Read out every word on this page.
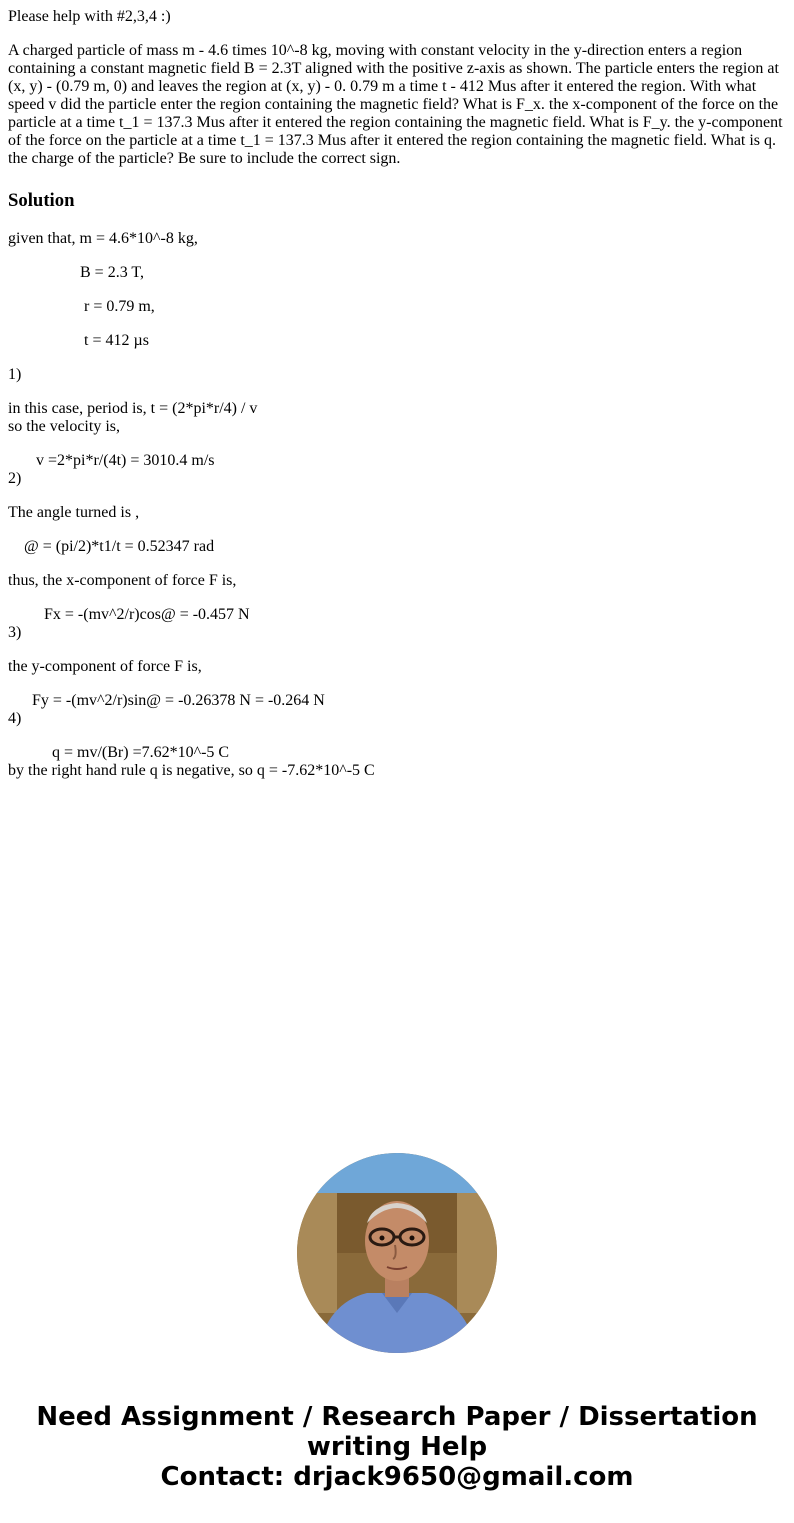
Please help with #2,3,4 :)

A charged particle of mass m - 4.6 times 10^-8 kg, moving with constant velocity in the y-direction enters a region containing a constant magnetic field B = 2.3T aligned with the positive z-axis as shown. The particle enters the region at (x, y) - (0.79 m, 0) and leaves the region at (x, y) - 0. 0.79 m a time t - 412 Mus after it entered the region. With what speed v did the particle enter the region containing the magnetic field? What is F_x. the x-component of the force on the particle at a time t_1 = 137.3 Mus after it entered the region containing the magnetic field. What is F_y. the y-component of the force on the particle at a time t_1 = 137.3 Mus after it entered the region containing the magnetic field. What is q. the charge of the particle? Be sure to include the correct sign.

Solution

given that, m = 4.6*10^-8 kg,

B = 2.3 T,

r = 0.79 m,

t = 412 µs

1)

in this case, period is, t = (2*pi*r/4) / v
so the velocity is,
v =2*pi*r/(4t) = 3010.4 m/s
2)

The angle turned is ,

@ = (pi/2)*t1/t = 0.52347 rad

thus, the x-component of force F is,

Fx = -(mv^2/r)cos@ = -0.457 N
3)

the y-component of force F is,

Fy = -(mv^2/r)sin@ = -0.26378 N = -0.264 N
4)
q = mv/(Br) =7.62*10^-5 C
by the right hand rule q is negative, so q = -7.62*10^-5 C
Need Assignment / Research Paper / Dissertation
writing Help
Contact: drjack9650@gmail.com
